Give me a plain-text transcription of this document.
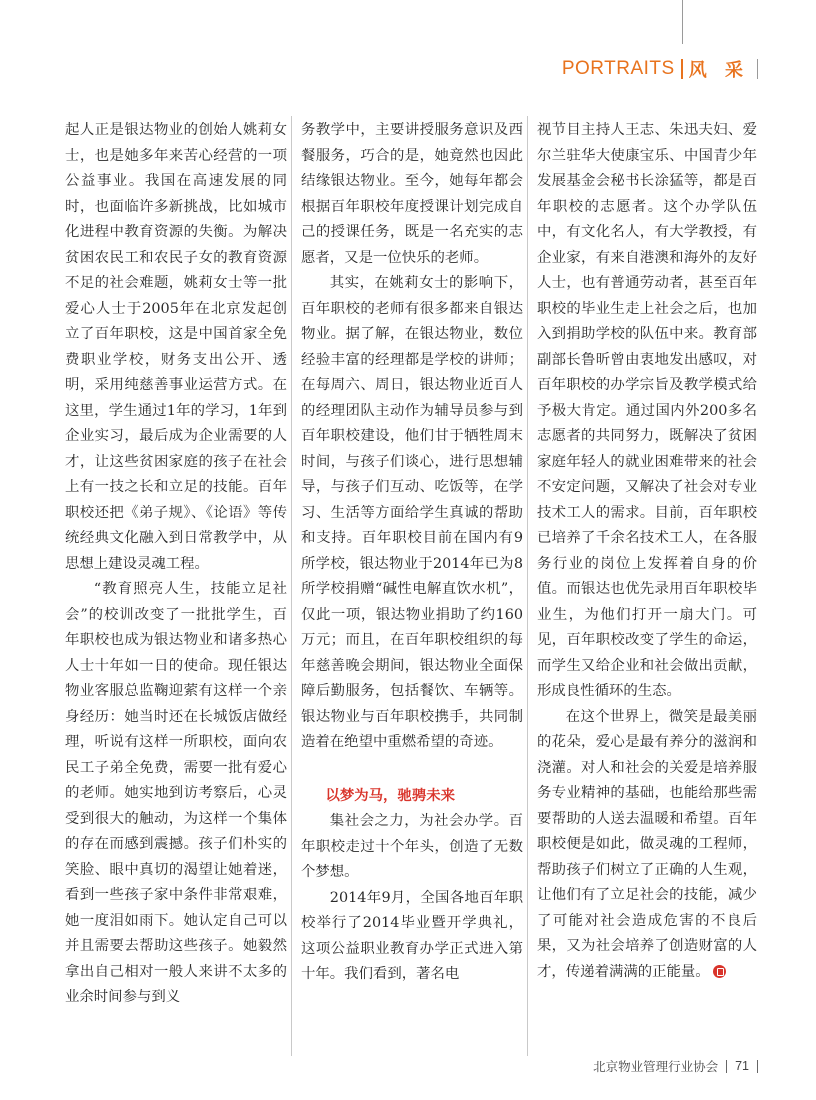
PORTRAITS 风 采

起人正是银达物业的创始人姚莉女士，也是她多年来苦心经营的一项公益事业。我国在高速发展的同时，也面临许多新挑战，比如城市化进程中教育资源的失衡。为解决贫困农民工和农民子女的教育资源不足的社会难题，姚莉女士等一批爱心人士于2005年在北京发起创立了百年职校，这是中国首家全免费职业学校，财务支出公开、透明，采用纯慈善事业运营方式。在这里，学生通过1年的学习，1年到企业实习，最后成为企业需要的人才，让这些贫困家庭的孩子在社会上有一技之长和立足的技能。百年职校还把《弟子规》、《论语》等传统经典文化融入到日常教学中，从思想上建设灵魂工程。

“教育照亮人生，技能立足社会”的校训改变了一批批学生，百年职校也成为银达物业和诸多热心人士十年如一日的使命。现任银达物业客服总监鞠迎萦有这样一个亲身经历：她当时还在长城饭店做经理，听说有这样一所职校，面向农民工子弟全免费，需要一批有爱心的老师。她实地到访考察后，心灵受到很大的触动，为这样一个集体的存在而感到震撼。孩子们朴实的笑脸、眼中真切的渴望让她着迷，看到一些孩子家中条件非常艰难，她一度泪如雨下。她认定自己可以并且需要去帮助这些孩子。她毅然拿出自己相对一般人来讲不太多的业余时间参与到义

务教学中，主要讲授服务意识及西餐服务，巧合的是，她竟然也因此结缘银达物业。至今，她每年都会根据百年职校年度授课计划完成自己的授课任务，既是一名充实的志愿者，又是一位快乐的老师。

其实，在姚莉女士的影响下，百年职校的老师有很多都来自银达物业。据了解，在银达物业，数位经验丰富的经理都是学校的讲师；在每周六、周日，银达物业近百人的经理团队主动作为辅导员参与到百年职校建设，他们甘于牺牲周末时间，与孩子们谈心，进行思想辅导，与孩子们互动、吃饭等，在学习、生活等方面给学生真诚的帮助和支持。百年职校目前在国内有9所学校，银达物业于2014年已为8所学校捐赠“碱性电解直饮水机”，仅此一项，银达物业捐助了约160万元；而且，在百年职校组织的每年慈善晚会期间，银达物业全面保障后勤服务，包括餐饮、车辆等。银达物业与百年职校携手，共同制造着在绝望中重燃希望的奇迹。

以梦为马，驰骋未来

集社会之力，为社会办学。百年职校走过十个年头，创造了无数个梦想。

2014年9月，全国各地百年职校举行了2014毕业暨开学典礼，这项公益职业教育办学正式进入第十年。我们看到，著名电

视节目主持人王志、朱迅夫妇、爱尔兰驻华大使康宝乐、中国青少年发展基金会秘书长涂猛等，都是百年职校的志愿者。这个办学队伍中，有文化名人，有大学教授，有企业家，有来自港澳和海外的友好人士，也有普通劳动者，甚至百年职校的毕业生走上社会之后，也加入到捐助学校的队伍中来。教育部副部长鲁昕曾由衷地发出感叹，对百年职校的办学宗旨及教学模式给予极大肯定。通过国内外200多名志愿者的共同努力，既解决了贫困家庭年轻人的就业困难带来的社会不安定问题，又解决了社会对专业技术工人的需求。目前，百年职校已培养了千余名技术工人，在各服务行业的岗位上发挥着自身的价值。而银达也优先录用百年职校毕业生，为他们打开一扇大门。可见，百年职校改变了学生的命运，而学生又给企业和社会做出贡献，形成良性循环的生态。

在这个世界上，微笑是最美丽的花朵，爱心是最有养分的滋润和浇灌。对人和社会的关爱是培养服务专业精神的基础，也能给那些需要帮助的人送去温暖和希望。百年职校便是如此，做灵魂的工程师，帮助孩子们树立了正确的人生观，让他们有了立足社会的技能，减少了可能对社会造成危害的不良后果，又为社会培养了创造财富的人才，传递着满满的正能量。

北京物业管理行业协会 71
